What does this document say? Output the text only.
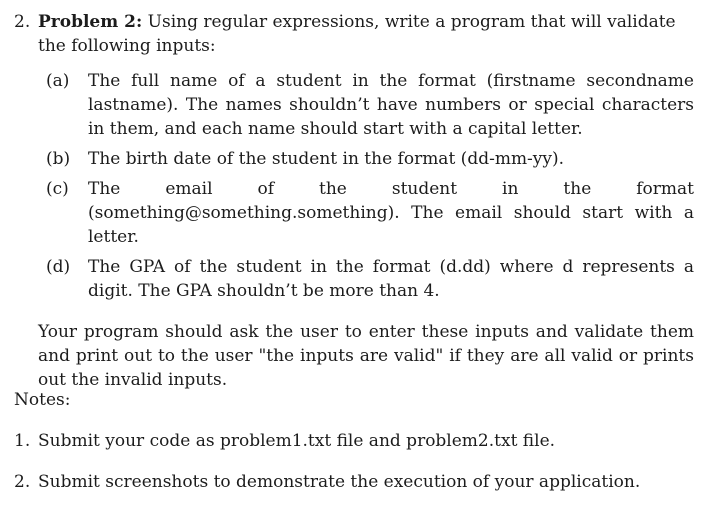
2. Problem 2: Using regular expressions, write a program that will validate the following inputs:
(a) The full name of a student in the format (firstname secondname lastname). The names shouldn’t have numbers or special characters in them, and each name should start with a capital letter.
(b) The birth date of the student in the format (dd-mm-yy).
(c) The email of the student in the format (something@something.something). The email should start with a letter.
(d) The GPA of the student in the format (d.dd) where d represents a digit. The GPA shouldn’t be more than 4.
Your program should ask the user to enter these inputs and validate them and print out to the user "the inputs are valid" if they are all valid or prints out the invalid inputs.
Notes:
1. Submit your code as problem1.txt file and problem2.txt file.
2. Submit screenshots to demonstrate the execution of your application.
